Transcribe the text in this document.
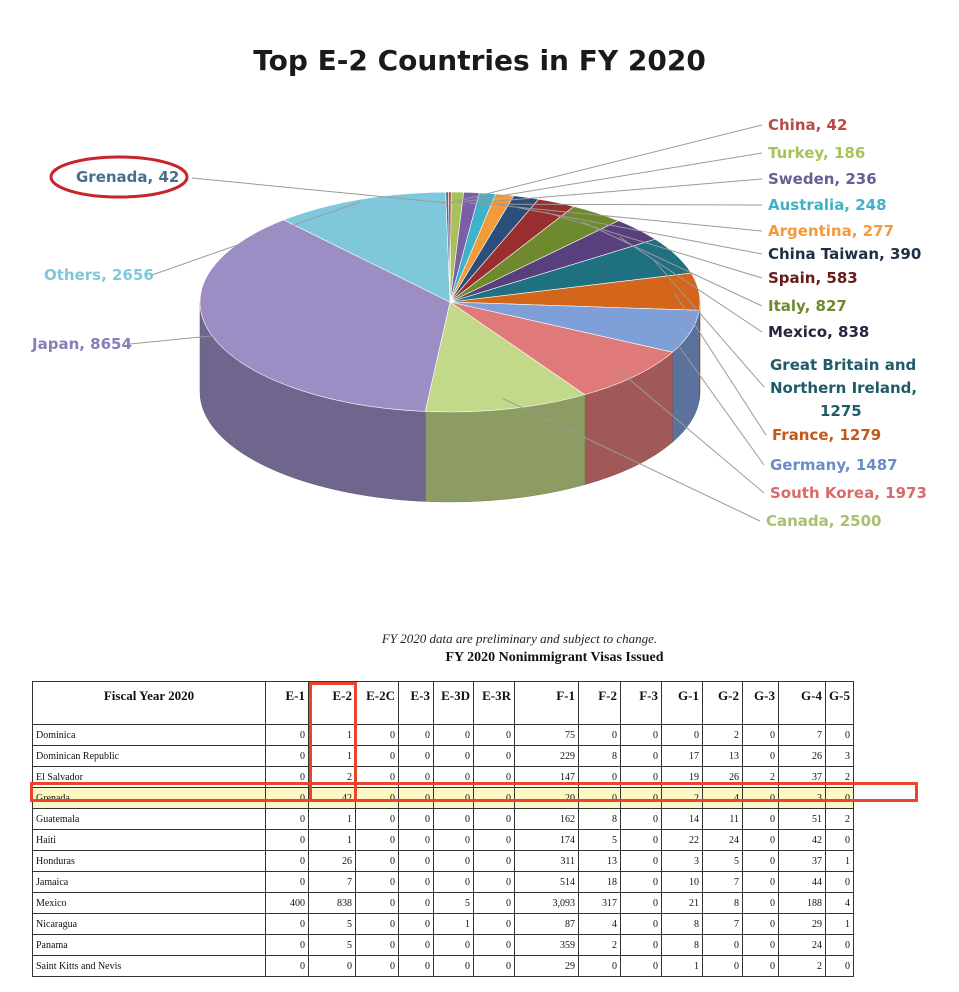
Top E-2 Countries in FY 2020
Grenada, 42
China, 42
Turkey, 186
Sweden, 236
Australia, 248
Argentina, 277
China Taiwan, 390
Spain, 583
Italy, 827
Mexico, 838
Great Britain and
Northern Ireland,
1275
France, 1279
Germany, 1487
South Korea, 1973
Canada, 2500
Japan, 8654
Others, 2656
FY 2020 data are preliminary and subject to change.
FY 2020 Nonimmigrant Visas Issued
Fiscal Year 2020	E-1	E-2	E-2C	E-3	E-3D	E-3R	F-1	F-2	F-3	G-1	G-2	G-3	G-4	G-5
Dominica	0	1	0	0	0	0	75	0	0	0	2	0	7	0
Dominican Republic	0	1	0	0	0	0	229	8	0	17	13	0	26	3
El Salvador	0	2	0	0	0	0	147	0	0	19	26	2	37	2
Grenada	0	42	0	0	0	0	20	0	0	2	4	0	3	0
Guatemala	0	1	0	0	0	0	162	8	0	14	11	0	51	2
Haiti	0	1	0	0	0	0	174	5	0	22	24	0	42	0
Honduras	0	26	0	0	0	0	311	13	0	3	5	0	37	1
Jamaica	0	7	0	0	0	0	514	18	0	10	7	0	44	0
Mexico	400	838	0	0	5	0	3,093	317	0	21	8	0	188	4
Nicaragua	0	5	0	0	1	0	87	4	0	8	7	0	29	1
Panama	0	5	0	0	0	0	359	2	0	8	0	0	24	0
Saint Kitts and Nevis	0	0	0	0	0	0	29	0	0	1	0	0	2	0
